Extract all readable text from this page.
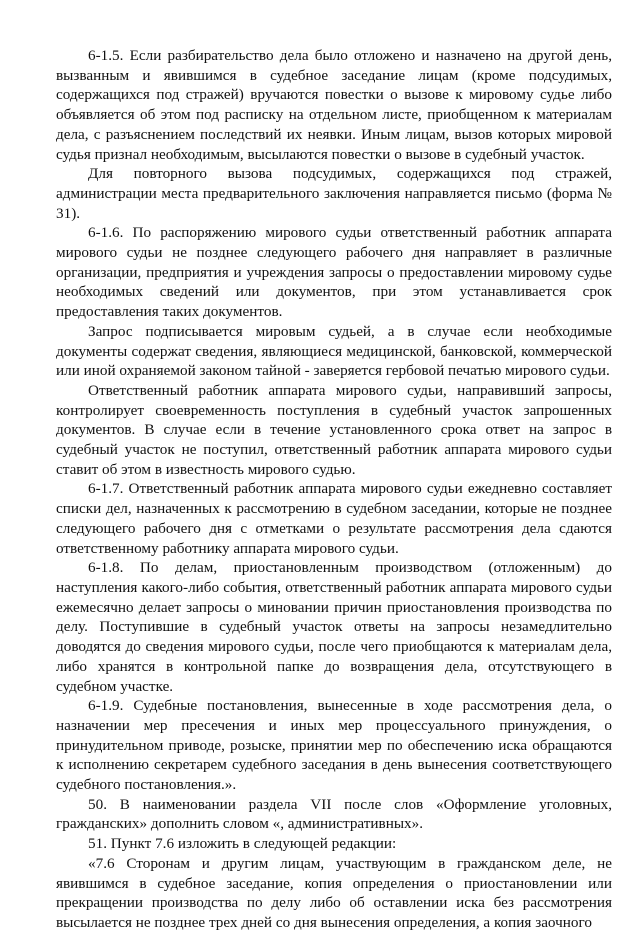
6-1.5. Если разбирательство дела было отложено и назначено на другой день, вызванным и явившимся в судебное заседание лицам (кроме подсудимых, содержащихся под стражей) вручаются повестки о вызове к мировому судье либо объявляется об этом под расписку на отдельном листе, приобщенном к материалам дела, с разъяснением последствий их неявки. Иным лицам, вызов которых мировой судья признал необходимым, высылаются повестки о вызове в судебный участок.

Для повторного вызова подсудимых, содержащихся под стражей, администрации места предварительного заключения направляется письмо (форма № 31).

6-1.6. По распоряжению мирового судьи ответственный работник аппарата мирового судьи не позднее следующего рабочего дня направляет в различные организации, предприятия и учреждения запросы о предоставлении мировому судье необходимых сведений или документов, при этом устанавливается срок предоставления таких документов.

Запрос подписывается мировым судьей, а в случае если необходимые документы содержат сведения, являющиеся медицинской, банковской, коммерческой или иной охраняемой законом тайной - заверяется гербовой печатью мирового судьи.

Ответственный работник аппарата мирового судьи, направивший запросы, контролирует своевременность поступления в судебный участок запрошенных документов. В случае если в течение установленного срока ответ на запрос в судебный участок не поступил, ответственный работник аппарата мирового судьи ставит об этом в известность мирового судью.

6-1.7. Ответственный работник аппарата мирового судьи ежедневно составляет списки дел, назначенных к рассмотрению в судебном заседании, которые не позднее следующего рабочего дня с отметками о результате рассмотрения дела сдаются ответственному работнику аппарата мирового судьи.

6-1.8. По делам, приостановленным производством (отложенным) до наступления какого-либо события, ответственный работник аппарата мирового судьи ежемесячно делает запросы о миновании причин приостановления производства по делу. Поступившие в судебный участок ответы на запросы незамедлительно доводятся до сведения мирового судьи, после чего приобщаются к материалам дела, либо хранятся в контрольной папке до возвращения дела, отсутствующего в судебном участке.

6-1.9. Судебные постановления, вынесенные в ходе рассмотрения дела, о назначении мер пресечения и иных мер процессуального принуждения, о принудительном приводе, розыске, принятии мер по обеспечению иска обращаются к исполнению секретарем судебного заседания в день вынесения соответствующего судебного постановления.».

50. В наименовании раздела VII после слов «Оформление уголовных, гражданских» дополнить словом «, административных».

51. Пункт 7.6 изложить в следующей редакции:

«7.6 Сторонам и другим лицам, участвующим в гражданском деле, не явившимся в судебное заседание, копия определения о приостановлении или прекращении производства по делу либо об оставлении иска без рассмотрения высылается не позднее трех дней со дня вынесения определения, а копия заочного
